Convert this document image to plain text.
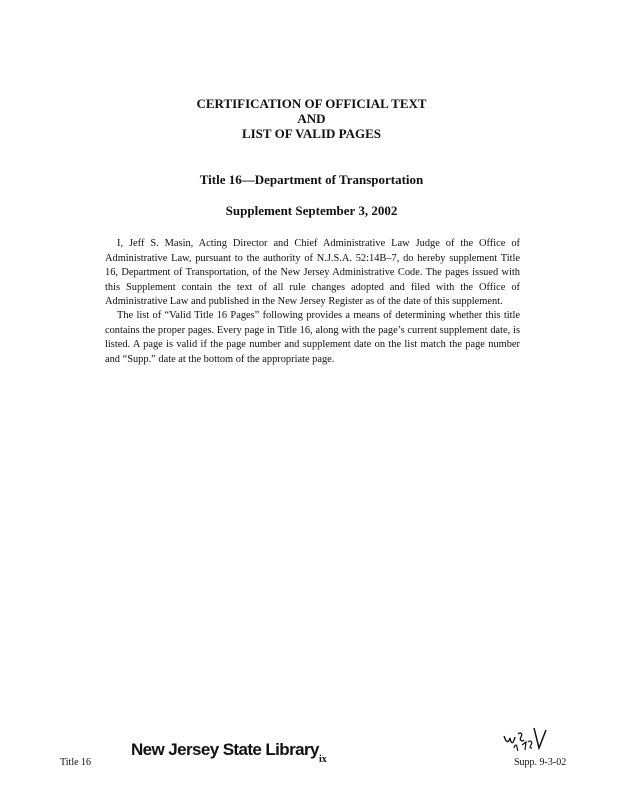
CERTIFICATION OF OFFICIAL TEXT
AND
LIST OF VALID PAGES
Title 16—Department of Transportation
Supplement September 3, 2002

I, Jeff S. Masin, Acting Director and Chief Administrative Law Judge of the Office of Administrative Law, pursuant to the authority of N.J.S.A. 52:14B–7, do hereby supplement Title 16, Department of Transportation, of the New Jersey Administrative Code. The pages issued with this Supplement contain the text of all rule changes adopted and filed with the Office of Administrative Law and published in the New Jersey Register as of the date of this supplement.

The list of “Valid Title 16 Pages” following provides a means of determining whether this title contains the proper pages. Every page in Title 16, along with the page’s current supplement date, is listed. A page is valid if the page number and supplement date on the list match the page number and “Supp.” date at the bottom of the appropriate page.

Title 16
New Jersey State Library
ix	Supp. 9-3-02
